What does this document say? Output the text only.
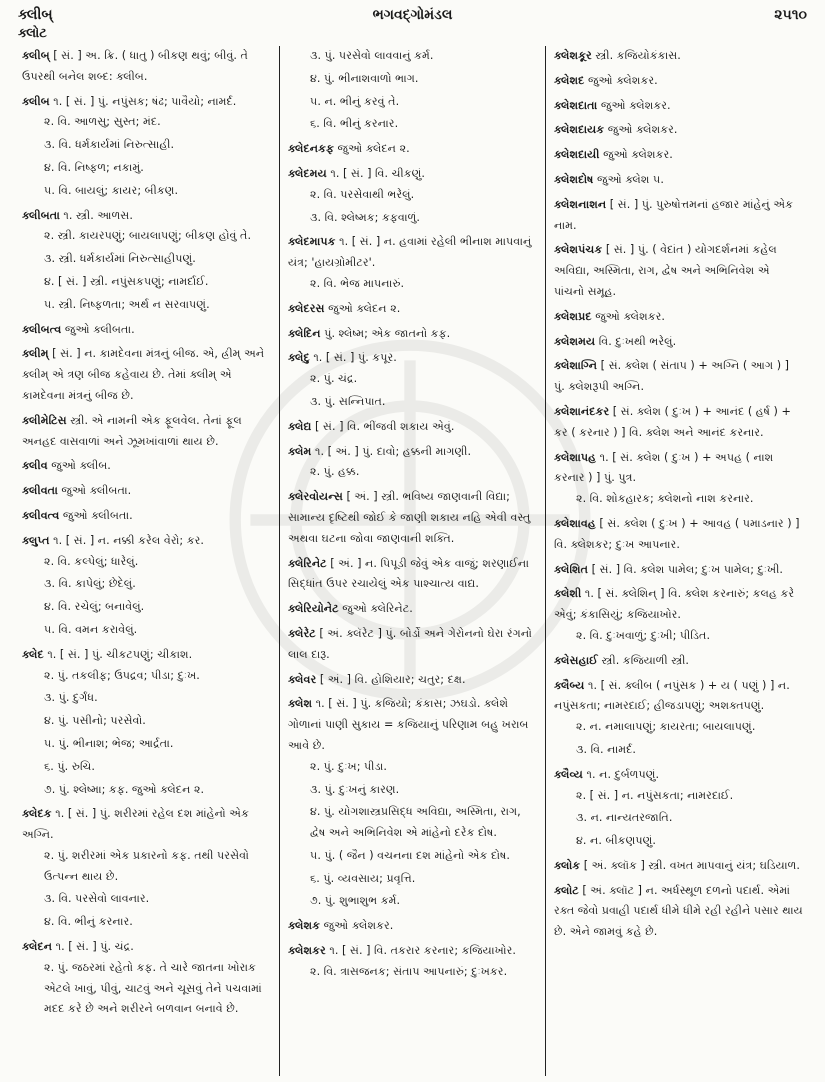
ક્લીબ્	ભગવદ્ગોમંડલ	૨૫૧૦
ક્લોટ
ક્લીબ્ [ સં. ] અ. ક્રિ. ( ધાતુ ) બીકણ થવું; બીવું. તે ઉપરથી બનેલ શબ્દ: ક્લીબ.
ક્લીબ ૧. [ સં. ] પું. નપુંસક; ષંઢ; પાવૈયો; નામર્દ.
૨. વિ. આળસુ; સુસ્ત; મંદ.
૩. વિ. ધર્મકાર્યમાં નિરુત્સાહી.
૪. વિ. નિષ્ફળ; નકામું.
૫. વિ. બાયલું; કાયર; બીકણ.
ક્લીબતા ૧. સ્ત્રી. આળસ.
૨. સ્ત્રી. કાયરપણું; બાયલાપણું; બીકણ હોવું તે.
૩. સ્ત્રી. ધર્મકાર્યમાં નિરુત્સાહીપણું.
૪. [ સં. ] સ્ત્રી. નપુંસકપણું; નામર્દાઈ.
૫. સ્ત્રી. નિષ્ફળતા; અર્થ ન સરવાપણું.
ક્લીબત્વ જુઓ ક્લીબતા.
ક્લીમ્ [ સં. ] ન. કામદેવના મંત્રનું બીજ. એ, હ્રીમ્ અને ક્લીમ્ એ ત્રણ બીજ કહેવાય છે. તેમાં ક્લીમ્ એ કામદેવના મંત્રનું બીજ છે.
ક્લીમેટિસ સ્ત્રી. એ નામની એક ફૂલવેલ. તેનાં ફૂલ અનહદ વાસવાળાં અને ઝૂમખાંવાળાં થાય છે.
ક્લીવ જુઓ ક્લીબ.
ક્લીવતા જુઓ ક્લીબતા.
ક્લીવત્વ જુઓ ક્લીબતા.
ક્લુપ્ત ૧. [ સં. ] ન. નક્કી કરેલ વેરો; કર.
૨. વિ. કલ્પેલું; ધારેલું.
૩. વિ. કાપેલું; છેદેલું.
૪. વિ. રચેલું; બનાવેલું.
૫. વિ. વમન કરાવેલું.
ક્લેદ ૧. [ સં. ] પું. ચીકટપણું; ચીકાશ.
૨. પું. તકલીફ; ઉપદ્રવ; પીડા; દુઃખ.
૩. પું. દુર્ગંધ.
૪. પું. પસીનો; પરસેવો.
૫. પું. ભીનાશ; ભેજ; આર્દ્રતા.
૬. પું. રુચિ.
૭. પું. શ્લેષ્મા; કફ. જુઓ ક્લેદન ૨.
ક્લેદક ૧. [ સં. ] પું. શરીરમાં રહેલ દશ માંહેનો એક અગ્નિ.
૨. પું. શરીરમાં એક પ્રકારનો કફ. તથી પરસેવો ઉત્પન્ન થાય છે.
૩. વિ. પરસેવો લાવનાર.
૪. વિ. ભીનું કરનાર.
ક્લેદન ૧. [ સં. ] પું. ચંદ્ર.
૨. પું. જઠરમાં રહેતો કફ. તે ચારે જાતના ખોરાક એટલે ખાવું, પીવું, ચાટવું અને ચૂસવું તેને પચવામાં મદદ કરે છે અને શરીરને બળવાન બનાવે છે.
૩. પું. પરસેવો લાવવાનું કર્મ.
૪. પું. ભીનાશવાળો ભાગ.
૫. ન. ભીનું કરવું તે.
૬. વિ. ભીનું કરનાર.
ક્લેદનકફ જુઓ ક્લેદન ૨.
ક્લેદમય ૧. [ સં. ] વિ. ચીકણું.
૨. વિ. પરસેવાથી ભરેલું.
૩. વિ. શ્લેષ્મક; કફવાળું.
ક્લેદમાપક ૧. [ સં. ] ન. હવામાં રહેલી ભીનાશ માપવાનું યંત્ર; 'હાયગ્રોમીટર'.
૨. વિ. ભેજ માપનારું.
ક્લેદરસ જુઓ ક્લેદન ૨.
ક્લેદિન પું. શ્લેષ્મ; એક જાતનો કફ.
ક્લેદુ ૧. [ સં. ] પું. કપૂર.
૨. પું. ચંદ્ર.
૩. પું. સન્નિપાત.
ક્લેદ્ય [ સં. ] વિ. ભીંજવી શકાય એવું.
ક્લેમ ૧. [ અં. ] પું. દાવો; હક્કની માગણી.
૨. પું. હક્ક.
ક્લેરવોયન્સ [ અં. ] સ્ત્રી. ભવિષ્ય જાણવાની વિદ્યા; સામાન્ય દૃષ્ટિથી જોઈ કે જાણી શકાય નહિ એવી વસ્તુ અથવા ઘટના જોવા જાણવાની શક્તિ.
ક્લેરિનેટ [ અં. ] ન. પિપૂડી જેવું એક વાજું; શરણાઈના સિદ્ધાંત ઉપર રચાયેલું એક પાશ્ચાત્ય વાદ્ય.
ક્લેરિયોનેટ જુઓ ક્લેરિનેટ.
ક્લેરેટ [ અં. ક્લૅરેટ ] પું. બોર્ડો અને ગેરોનનો ઘેરા રંગનો લાલ દારૂ.
ક્લેવર [ અં. ] વિ. હોશિયાર; ચતુર; દક્ષ.
ક્લેશ ૧. [ સં. ] પું. કજિયો; કંકાસ; ઝઘડો. ક્લેશે ગોળાનાં પાણી સુકાય = કજિયાનું પરિણામ બહુ ખરાબ આવે છે.
૨. પું. દુઃખ; પીડા.
૩. પું. દુઃખનું કારણ.
૪. પું. યોગશાસ્ત્રપ્રસિદ્ધ અવિદ્યા, અસ્મિતા, રાગ, દ્વેષ અને અભિનિવેશ એ માંહેનો દરેક દોષ.
૫. પું. ( જૈન ) વચનના દશ માંહેનો એક દોષ.
૬. પું. વ્યવસાય; પ્રવૃત્તિ.
૭. પું. શુભાશુભ કર્મ.
ક્લેશક જુઓ ક્લેશકર.
ક્લેશકર ૧. [ સં. ] વિ. તકરાર કરનાર; કજિયાખોર.
૨. વિ. ત્રાસજનક; સંતાપ આપનારું; દુઃખકર.
ક્લેશકૂર સ્ત્રી. કજિયોકંકાસ.
ક્લેશદ જુઓ ક્લેશકર.
ક્લેશદાતા જુઓ ક્લેશકર.
ક્લેશદાયક જુઓ ક્લેશકર.
ક્લેશદાયી જુઓ ક્લેશકર.
ક્લેશદોષ જુઓ ક્લેશ ૫.
ક્લેશનાશન [ સં. ] પું. પુરુષોત્તમનાં હજાર માંહેનું એક નામ.
ક્લેશપંચક [ સં. ] પું. ( વેદાંત ) યોગદર્શનમાં કહેલ અવિદ્યા, અસ્મિતા, રાગ, દ્વેષ અને અભિનિવેશ એ પાંચનો સમૂહ.
ક્લેશપ્રદ જુઓ ક્લેશકર.
ક્લેશમય વિ. દુઃખથી ભરેલું.
ક્લેશાગ્નિ [ સં. ક્લેશ ( સંતાપ ) + અગ્નિ ( આગ ) ] પું. ક્લેશરૂપી અગ્નિ.
ક્લેશાનંદકર [ સં. ક્લેશ ( દુઃખ ) + આનંદ ( હર્ષ ) + કર ( કરનાર ) ] વિ. ક્લેશ અને આનંદ કરનાર.
ક્લેશાપહ ૧. [ સં. ક્લેશ ( દુઃખ ) + અપહ ( નાશ કરનાર ) ] પું. પુત્ર.
૨. વિ. શોકહારક; ક્લેશનો નાશ કરનાર.
ક્લેશાવહ [ સં. ક્લેશ ( દુઃખ ) + આવહ ( પમાડનાર ) ] વિ. ક્લેશકર; દુઃખ આપનાર.
ક્લેશિત [ સં. ] વિ. ક્લેશ પામેલ; દુઃખ પામેલ; દુઃખી.
ક્લેશી ૧. [ સં. ક્લેશિન્ ] વિ. ક્લેશ કરનારું; કલહ કરે એવું; કંકાસિયું; કજિયાખોર.
૨. વિ. દુઃખવાળું; દુઃખી; પીડિત.
ક્લેસહાઈ સ્ત્રી. કજિયાળી સ્ત્રી.
ક્લૈબ્ય ૧. [ સં. ક્લીબ ( નપુંસક ) + ય ( પણું ) ] ન. નપુંસકતા; નામરદાઈ; હીજડાપણું; અશક્તપણું.
૨. ન. નમાલાપણું; કાયરતા; બાયલાપણું.
૩. વિ. નામર્દ.
ક્લૈવ્ય ૧. ન. દુર્બળપણું.
૨. [ સં. ] ન. નપુંસકતા; નામરદાઈ.
૩. ન. નાન્યતરજાતિ.
૪. ન. બીકણપણું.
ક્લોક [ અં. ક્લૉક ] સ્ત્રી. વખત માપવાનું યંત્ર; ઘડિયાળ.
ક્લોટ [ અં. ક્લૉટ ] ન. અર્ધસ્થૂળ દળનો પદાર્થ. એમાં રક્ત જેવો પ્રવાહી પદાર્થ ધીમે ધીમે રહી રહીને પસાર થાય છે. એને જામવું કહે છે.
